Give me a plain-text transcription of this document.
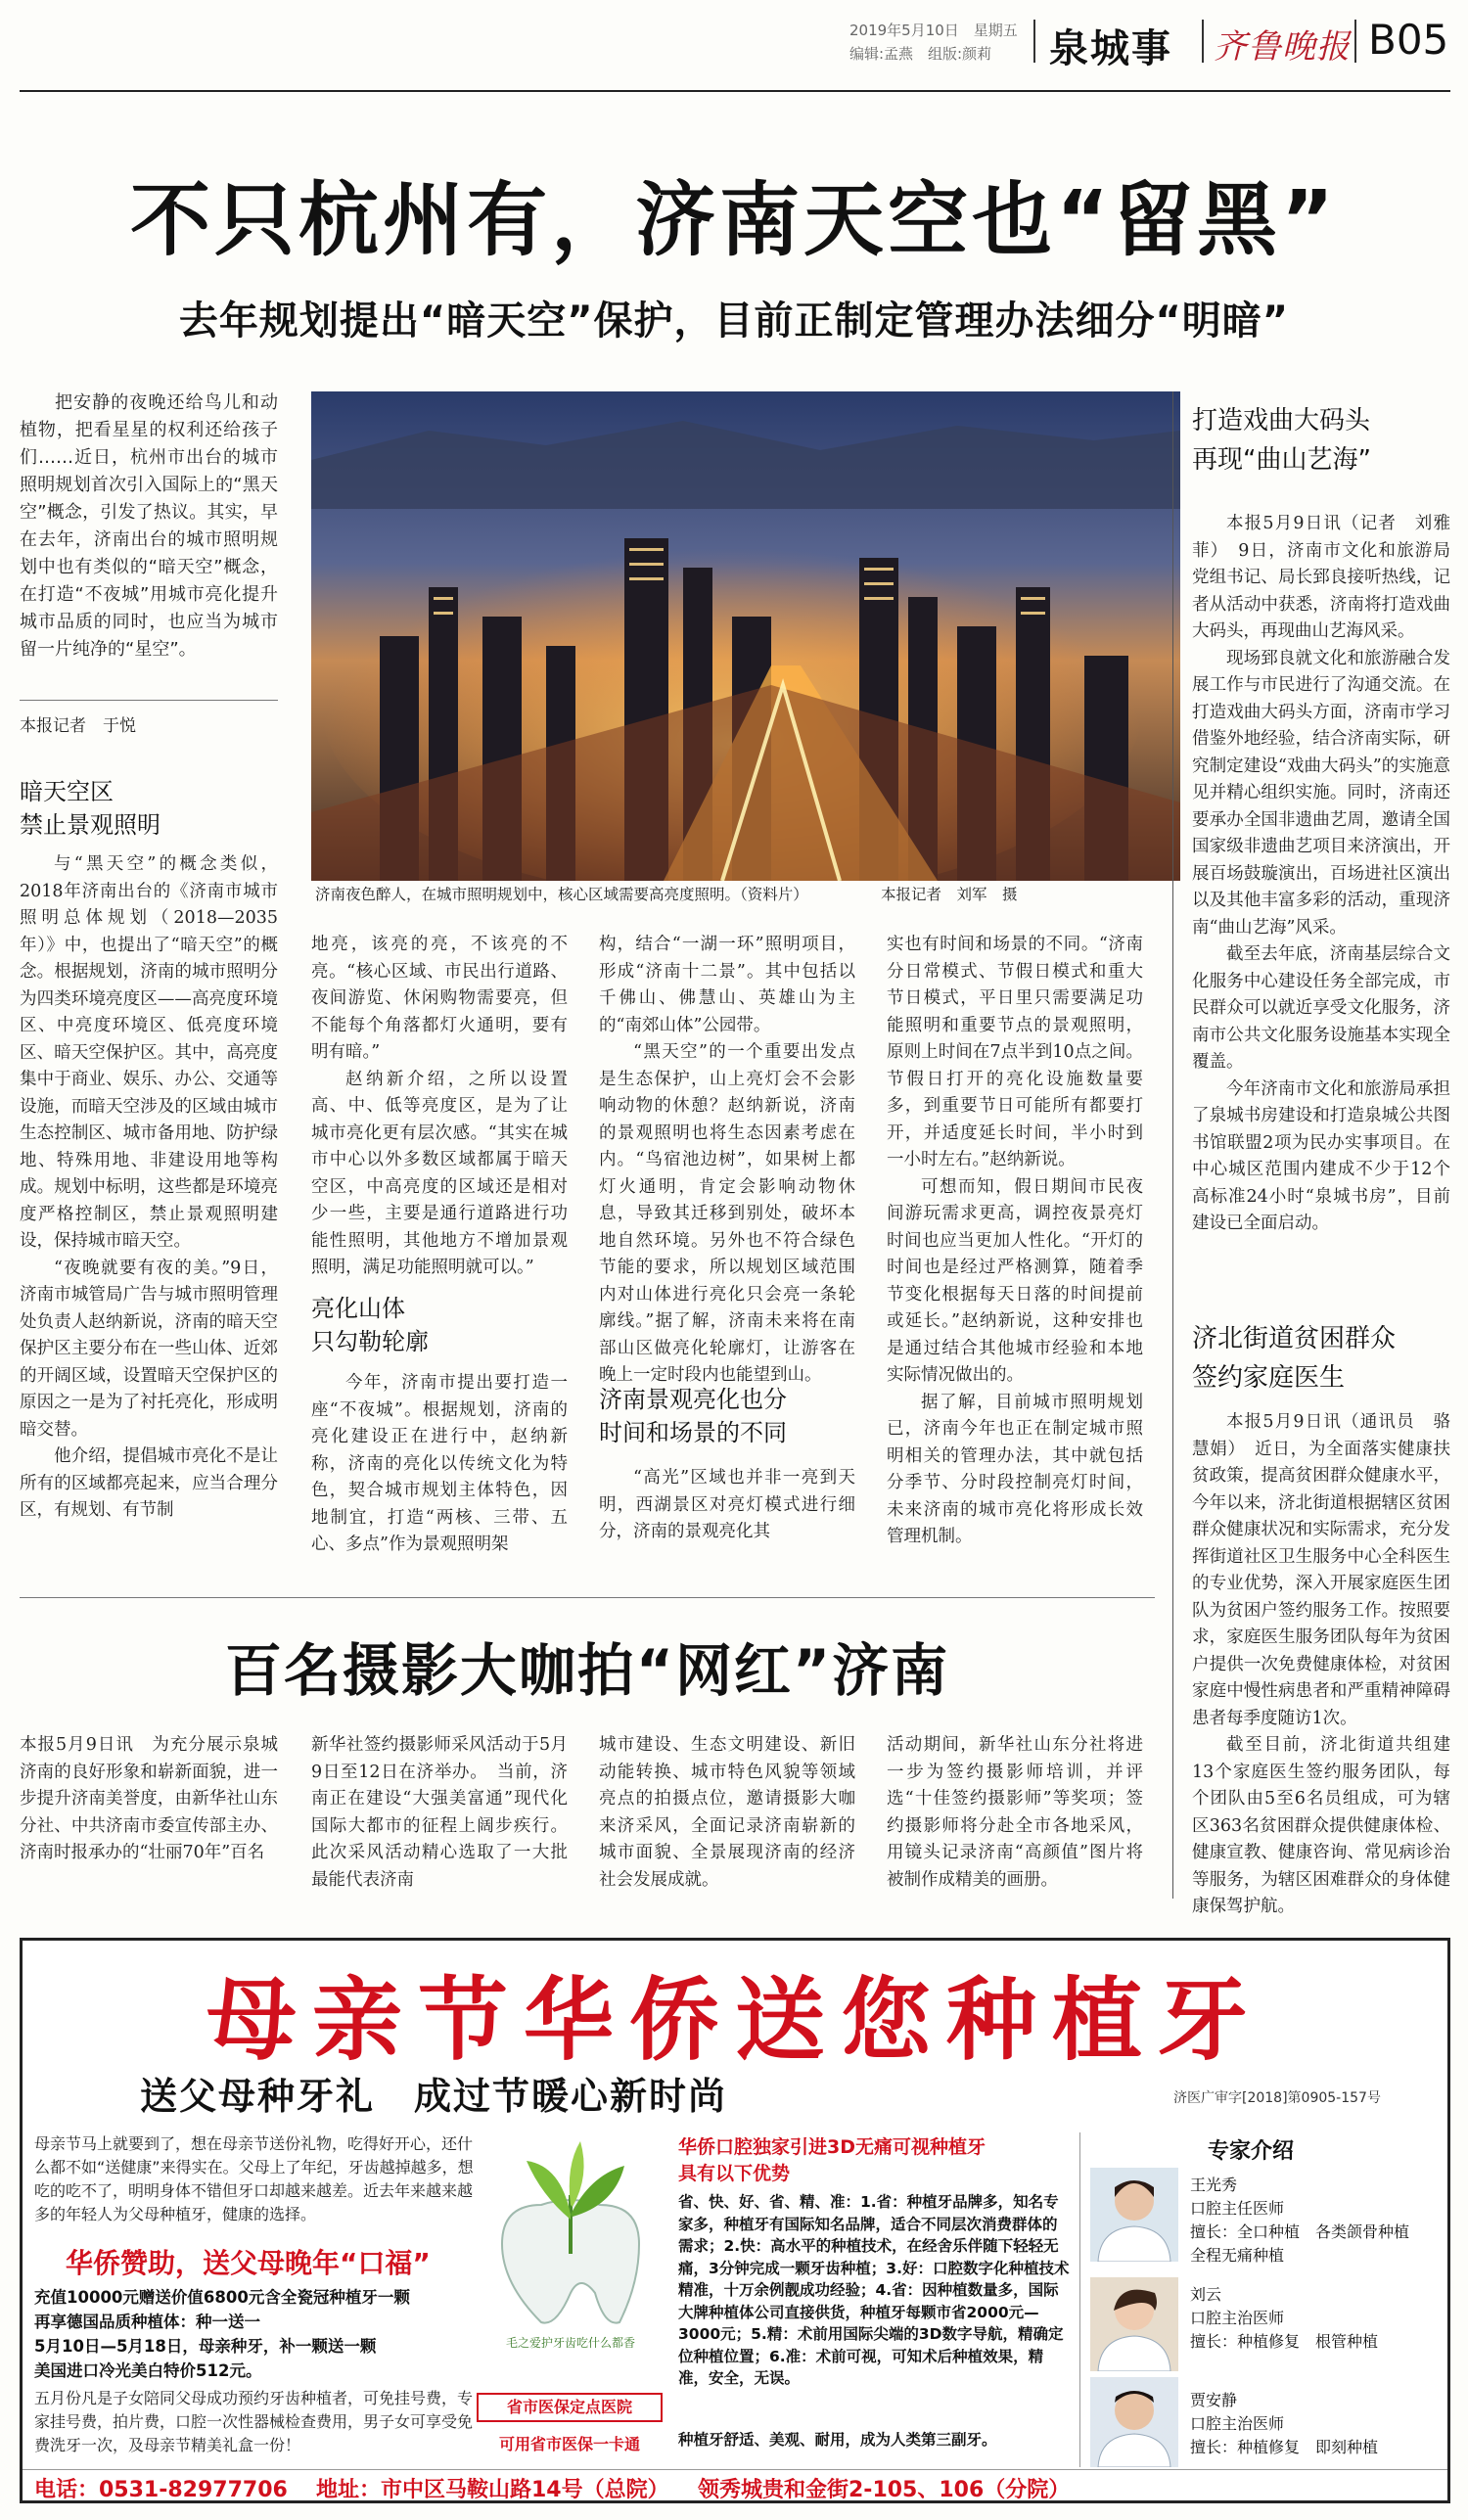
2019年5月10日　星期五
编辑:孟燕　组版:颜莉 泉城事 齐鲁晚报 B05
不只杭州有，济南天空也“留黑”
去年规划提出“暗天空”保护，目前正制定管理办法细分“明暗”
把安静的夜晚还给鸟儿和动植物，把看星星的权利还给孩子们……近日，杭州市出台的城市照明规划首次引入国际上的“黑天空”概念，引发了热议。其实，早在去年，济南出台的城市照明规划中也有类似的“暗天空”概念，在打造“不夜城”用城市亮化提升城市品质的同时，也应当为城市留一片纯净的“星空”。
本报记者　于悦
济南夜色醉人，在城市照明规划中，核心区域需要高亮度照明。（资料片）	本报记者　刘军　摄
暗天空区
禁止景观照明

与“黑天空”的概念类似，2018年济南出台的《济南市城市照明总体规划（2018—2035年）》中，也提出了“暗天空”的概念。根据规划，济南的城市照明分为四类环境亮度区——高亮度环境区、中亮度环境区、低亮度环境区、暗天空保护区。其中，高亮度集中于商业、娱乐、办公、交通等设施，而暗天空涉及的区域由城市生态控制区、城市备用地、防护绿地、特殊用地、非建设用地等构成。规划中标明，这些都是环境亮度严格控制区，禁止景观照明建设，保持城市暗天空。

“夜晚就要有夜的美。”9日，济南市城管局广告与城市照明管理处负责人赵纳新说，济南的暗天空保护区主要分布在一些山体、近郊的开阔区域，设置暗天空保护区的原因之一是为了衬托亮化，形成明暗交替。

他介绍，提倡城市亮化不是让所有的区域都亮起来，应当合理分区，有规划、有节制

地亮，该亮的亮，不该亮的不亮。“核心区域、市民出行道路、夜间游览、休闲购物需要亮，但不能每个角落都灯火通明，要有明有暗。”

赵纳新介绍，之所以设置高、中、低等亮度区，是为了让城市亮化更有层次感。“其实在城市中心以外多数区域都属于暗天空区，中高亮度的区域还是相对少一些，主要是通行道路进行功能性照明，其他地方不增加景观照明，满足功能照明就可以。”

亮化山体
只勾勒轮廓

今年，济南市提出要打造一座“不夜城”。根据规划，济南的亮化建设正在进行中，赵纳新称，济南的亮化以传统文化为特色，契合城市规划主体特色，因地制宜，打造“两核、三带、五心、多点”作为景观照明架

构，结合“一湖一环”照明项目，形成“济南十二景”。其中包括以千佛山、佛慧山、英雄山为主的“南郊山体”公园带。

“黑天空”的一个重要出发点是生态保护，山上亮灯会不会影响动物的休憩？赵纳新说，济南的景观照明也将生态因素考虑在内。“鸟宿池边树”，如果树上都灯火通明，肯定会影响动物休息，导致其迁移到别处，破坏本地自然环境。另外也不符合绿色节能的要求，所以规划区域范围内对山体进行亮化只会亮一条轮廓线。”据了解，济南未来将在南部山区做亮化轮廓灯，让游客在晚上一定时段内也能望到山。

济南景观亮化也分
时间和场景的不同

“高光”区域也并非一亮到天明，西湖景区对亮灯模式进行细分，济南的景观亮化其

实也有时间和场景的不同。“济南分日常模式、节假日模式和重大节日模式，平日里只需要满足功能照明和重要节点的景观照明，原则上时间在7点半到10点之间。节假日打开的亮化设施数量要多，到重要节日可能所有都要打开，并适度延长时间，半小时到一小时左右。”赵纳新说。

可想而知，假日期间市民夜间游玩需求更高，调控夜景亮灯时间也应当更加人性化。“开灯的时间也是经过严格测算，随着季节变化根据每天日落的时间提前或延长。”赵纳新说，这种安排也是通过结合其他城市经验和本地实际情况做出的。

据了解，目前城市照明规划已，济南今年也正在制定城市照明相关的管理办法，其中就包括分季节、分时段控制亮灯时间，未来济南的城市亮化将形成长效管理机制。

打造戏曲大码头
再现“曲山艺海”

本报5月9日讯（记者　刘雅菲）　9日，济南市文化和旅游局党组书记、局长郅良接听热线，记者从活动中获悉，济南将打造戏曲大码头，再现曲山艺海风采。

现场郅良就文化和旅游融合发展工作与市民进行了沟通交流。在打造戏曲大码头方面，济南市学习借鉴外地经验，结合济南实际，研究制定建设“戏曲大码头”的实施意见并精心组织实施。同时，济南还要承办全国非遗曲艺周，邀请全国国家级非遗曲艺项目来济演出，开展百场鼓璇演出，百场进社区演出以及其他丰富多彩的活动，重现济南“曲山艺海”风采。

截至去年底，济南基层综合文化服务中心建设任务全部完成，市民群众可以就近享受文化服务，济南市公共文化服务设施基本实现全覆盖。

今年济南市文化和旅游局承担了泉城书房建设和打造泉城公共图书馆联盟2项为民办实事项目。在中心城区范围内建成不少于12个高标准24小时“泉城书房”，目前建设已全面启动。

济北街道贫困群众
签约家庭医生

本报5月9日讯（通讯员　骆慧娟）　近日，为全面落实健康扶贫政策，提高贫困群众健康水平，今年以来，济北街道根据辖区贫困群众健康状况和实际需求，充分发挥街道社区卫生服务中心全科医生的专业优势，深入开展家庭医生团队为贫困户签约服务工作。按照要求，家庭医生服务团队每年为贫困户提供一次免费健康体检，对贫困家庭中慢性病患者和严重精神障碍患者每季度随访1次。

截至目前，济北街道共组建13个家庭医生签约服务团队，每个团队由5至6名员组成，可为辖区363名贫困群众提供健康体检、健康宣教、健康咨询、常见病诊治等服务，为辖区困难群众的身体健康保驾护航。

百名摄影大咖拍“网红”济南
本报5月9日讯　为充分展示泉城济南的良好形象和崭新面貌，进一步提升济南美誉度，由新华社山东分社、中共济南市委宣传部主办、济南时报承办的“壮丽70年”百名
新华社签约摄影师采风活动于5月9日至12日在济举办。　当前，济南正在建设“大强美富通”现代化国际大都市的征程上阔步疾行。此次采风活动精心选取了一大批最能代表济南
城市建设、生态文明建设、新旧动能转换、城市特色风貌等领域亮点的拍摄点位，邀请摄影大咖来济采风，全面记录济南崭新的城市面貌、全景展现济南的经济社会发展成就。
活动期间，新华社山东分社将进一步为签约摄影师培训，并评选“十佳签约摄影师”等奖项；签约摄影师将分赴全市各地采风，用镜头记录济南“高颜值”图片将被制作成精美的画册。
母亲节华侨送您种植牙
送父母种牙礼　成过节暖心新时尚	济医广审字[2018]第0905-157号
母亲节马上就要到了，想在母亲节送份礼物，吃得好开心，还什么都不如“送健康”来得实在。父母上了年纪，牙齿越掉越多，想吃的吃不了，明明身体不错但牙口却越来越差。近去年来越来越多的年轻人为父母种植牙，健康的选择。
华侨赞助，送父母晚年“口福”
充值10000元赠送价值6800元含全瓷冠种植牙一颗
再享德国品质种植体：种一送一
5月10日—5月18日，母亲种牙，补一颗送一颗
美国进口冷光美白特价512元。
五月份凡是子女陪同父母成功预约牙齿种植者，可免挂号费，专家挂号费，拍片费，口腔一次性器械检查费用，男子女可享受免费洗牙一次，及母亲节精美礼盒一份！
毛之爱护牙齿吃什么都香
省市医保定点医院
可用省市医保一卡通
华侨口腔独家引进3D无痛可视种植牙
具有以下优势
省、快、好、省、精、准：1.省：种植牙品牌多，知名专家多，种植牙有国际知名品牌，适合不同层次消费群体的需求；2.快：高水平的种植技术，在经舍乐伴随下轻轻无痛，3分钟完成一颗牙齿种植；3.好：口腔数字化种植技术精准，十万余例靓成功经验；4.省：因种植数量多，国际大牌种植体公司直接供货，种植牙每颗市省2000元—3000元；5.精：术前用国际尖端的3D数字导航，精确定位种植位置；6.准：术前可视，可知术后种植效果，精准，安全，无误。
种植牙舒适、美观、耐用，成为人类第三副牙。
专家介绍
王光秀
口腔主任医师
擅长：全口种植　各类颌骨种植
全程无痛种植
刘云
口腔主治医师
擅长：种植修复　根管种植
贾安静
口腔主治医师
擅长：种植修复　即刻种植
电话：0531-82977706 地址：市中区马鞍山路14号（总院） 领秀城贵和金街2-105、106（分院）
